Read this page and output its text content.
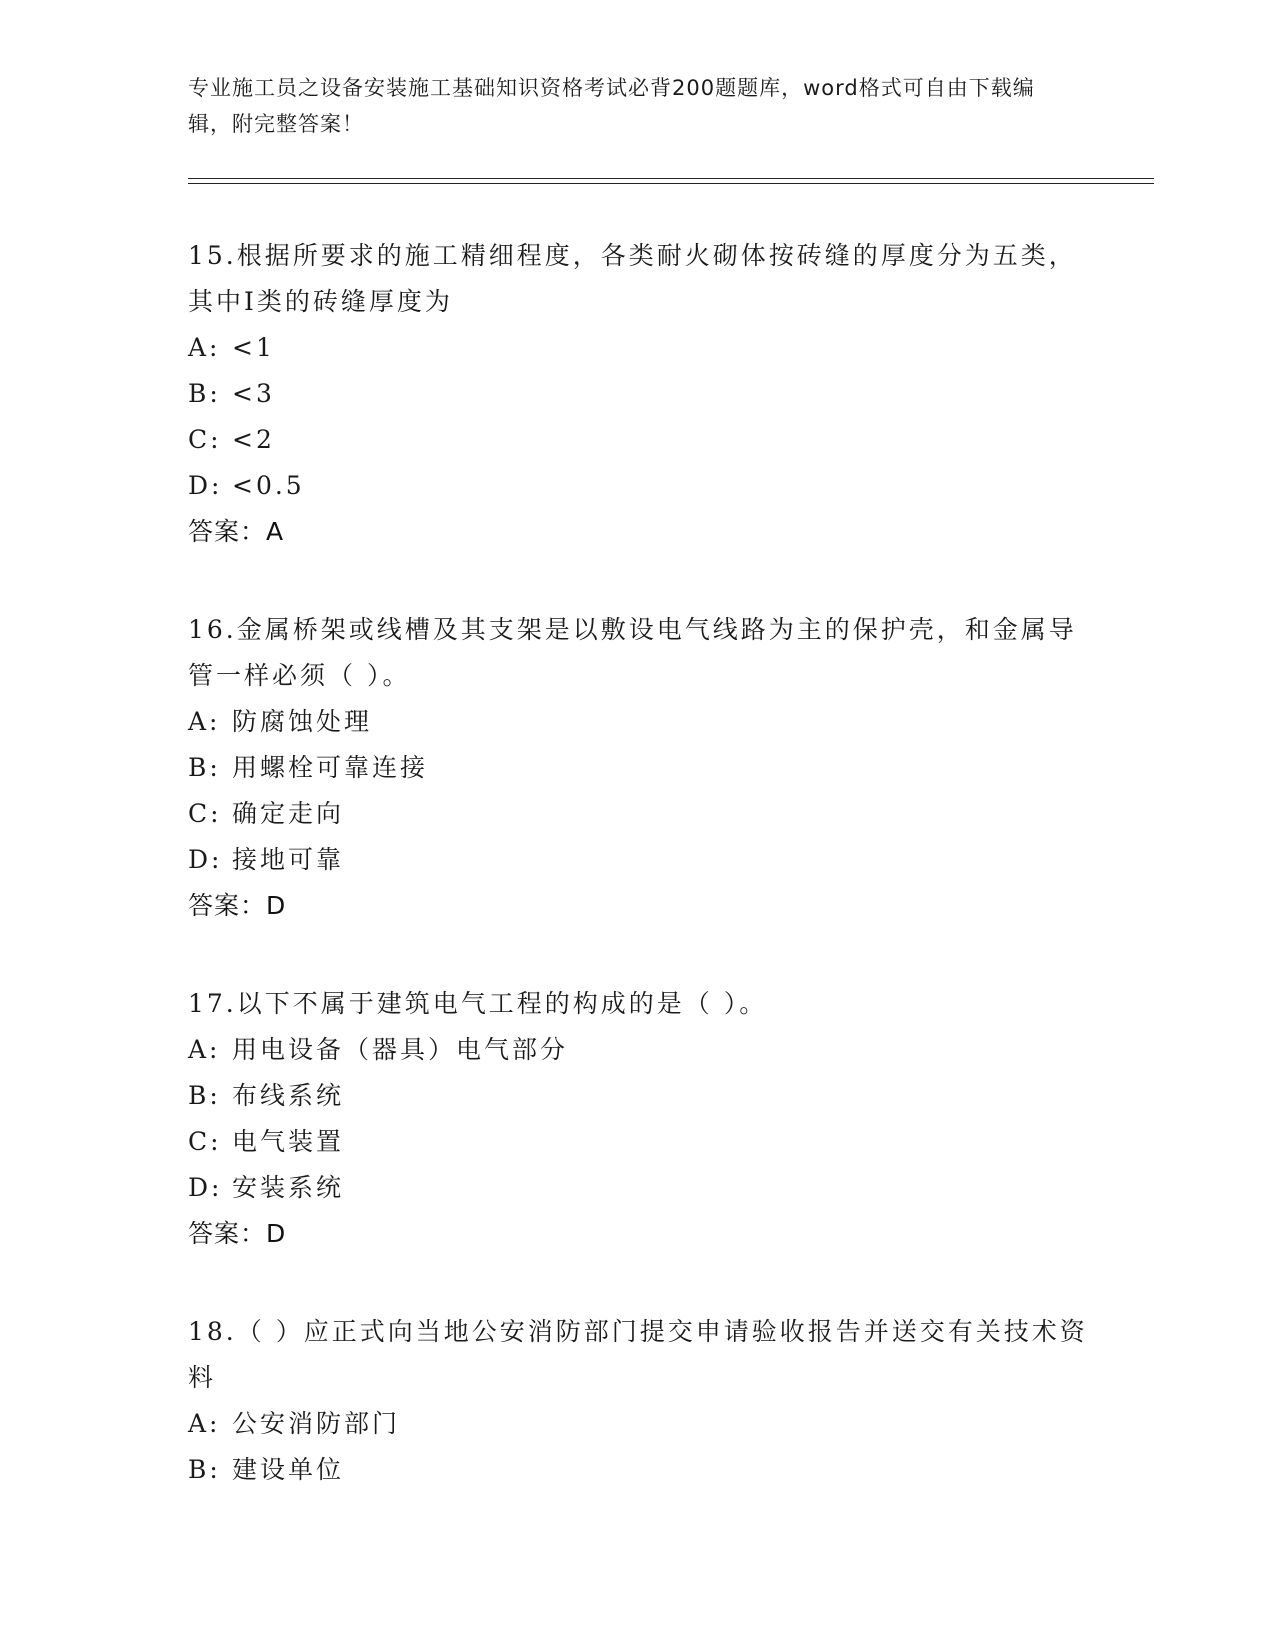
专业施工员之设备安装施工基础知识资格考试必背200题题库，word格式可自由下载编辑，附完整答案！

15.根据所要求的施工精细程度，各类耐火砌体按砖缝的厚度分为五类，其中Ⅰ类的砖缝厚度为

A: <1

B: <3

C: <2

D: <0.5

答案：A

16.金属桥架或线槽及其支架是以敷设电气线路为主的保护壳，和金属导管一样必须（ ）。

A: 防腐蚀处理

B: 用螺栓可靠连接

C: 确定走向

D: 接地可靠

答案：D

17.以下不属于建筑电气工程的构成的是（ ）。

A: 用电设备（器具）电气部分

B: 布线系统

C: 电气装置

D: 安装系统

答案：D

18.（ ）应正式向当地公安消防部门提交申请验收报告并送交有关技术资料

A: 公安消防部门

B: 建设单位
